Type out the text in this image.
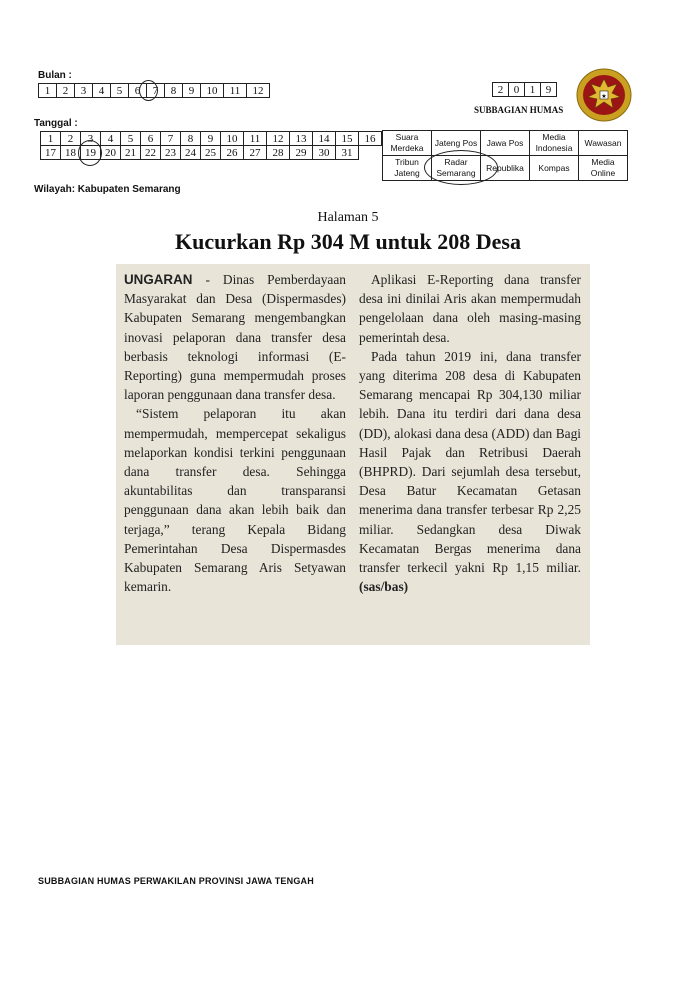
Bulan :
1	2	3	4	5	6	7	8	9	10	11	12
Tanggal :
1	2	3	4	5	6	7	8	9	10	11	12	13	14	15	16
17	18	19	20	21	22	23	24	25	26	27	28	29	30	31	
Wilayah: Kabupaten Semarang
2	0	1	9
SUBBAGIAN HUMAS
★
Suara Merdeka	Jateng Pos	Jawa Pos	Media Indonesia	Wawasan
Tribun Jateng	Radar Semarang	Republika	Kompas	Media Online
Halaman 5
Kucurkan Rp 304 M untuk 208 Desa

UNGARAN - Dinas Pemberdayaan Masyarakat dan Desa (Dispermasdes) Kabupaten Semarang mengembangkan inovasi pelaporan dana transfer desa berbasis teknologi informasi (E-Reporting) guna mempermudah proses laporan penggunaan dana transfer desa.

“Sistem pelaporan itu akan mempermudah, mempercepat sekaligus melaporkan kondisi terkini penggunaan dana transfer desa. Sehingga akuntabilitas dan transparansi penggunaan dana akan lebih baik dan terjaga,” terang Kepala Bidang Pemerintahan Desa Dispermasdes Kabupaten Semarang Aris Setyawan kemarin.

Aplikasi E-Reporting dana transfer desa ini dinilai Aris akan mempermudah pengelolaan dana oleh masing-masing pemerintah desa.

Pada tahun 2019 ini, dana transfer yang diterima 208 desa di Kabupaten Semarang mencapai Rp 304,130 miliar lebih. Dana itu terdiri dari dana desa (DD), alokasi dana desa (ADD) dan Bagi Hasil Pajak dan Retribusi Daerah (BHPRD). Dari sejumlah desa tersebut, Desa Batur Kecamatan Getasan menerima dana transfer terbesar Rp 2,25 miliar. Sedangkan desa Diwak Kecamatan Bergas menerima dana transfer terkecil yakni Rp 1,15 miliar. (sas/bas)

SUBBAGIAN HUMAS PERWAKILAN PROVINSI JAWA TENGAH
